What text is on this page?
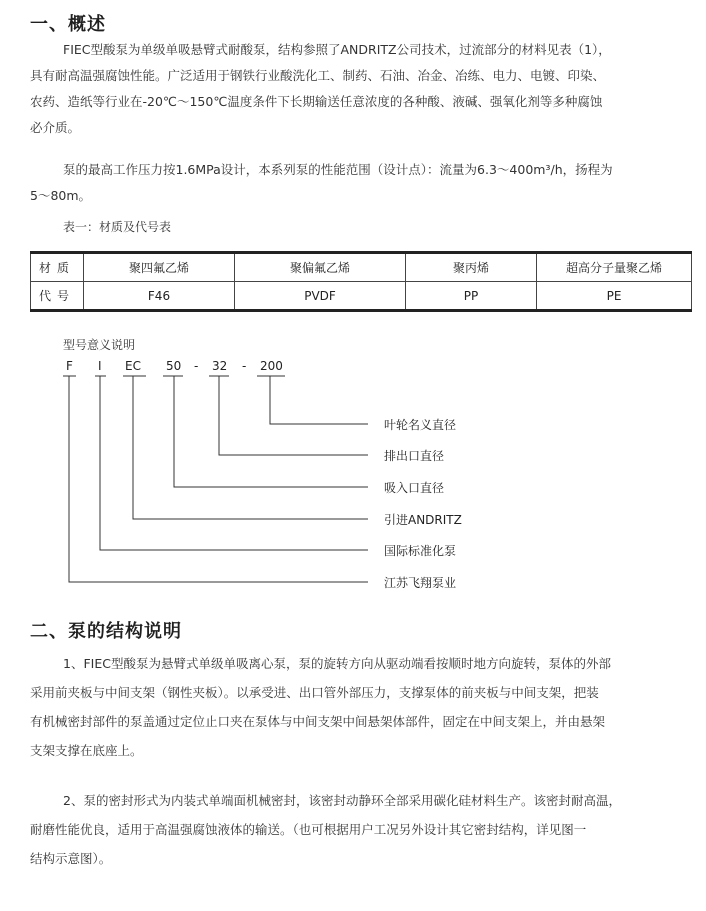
一、概述

FIEC型酸泵为单级单吸悬臂式耐酸泵，结构参照了ANDRITZ公司技术，过流部分的材料见表（1），

具有耐高温强腐蚀性能。广泛适用于钢铁行业酸洗化工、制药、石油、冶金、冶练、电力、电镀、印染、

农药、造纸等行业在-20℃～150℃温度条件下长期输送任意浓度的各种酸、液碱、强氧化剂等多种腐蚀

必介质。

泵的最高工作压力按1.6MPa设计，本系列泵的性能范围（设计点）：流量为6.3～400m³/h，扬程为

5～80m。

表一：材质及代号表
材质	聚四氟乙烯	聚偏氟乙烯	聚丙烯	超高分子量聚乙烯
代号	F46	PVDF	PP	PE
型号意义说明
F I EC 50 - 32 - 200
叶轮名义直径
排出口直径
吸入口直径
引进ANDRITZ
国际标准化泵
江苏飞翔泵业
二、泵的结构说明

1、FIEC型酸泵为悬臂式单级单吸离心泵，泵的旋转方向从驱动端看按顺时地方向旋转，泵体的外部

采用前夹板与中间支架（钢性夹板）。以承受进、出口管外部压力，支撑泵体的前夹板与中间支架，把装

有机械密封部件的泵盖通过定位止口夹在泵体与中间支架中间悬架体部件，固定在中间支架上，并由悬架

支架支撑在底座上。

2、泵的密封形式为内装式单端面机械密封，该密封动静环全部采用碳化硅材料生产。该密封耐高温，

耐磨性能优良，适用于高温强腐蚀液体的输送。（也可根据用户工况另外设计其它密封结构，详见图一

结构示意图）。
